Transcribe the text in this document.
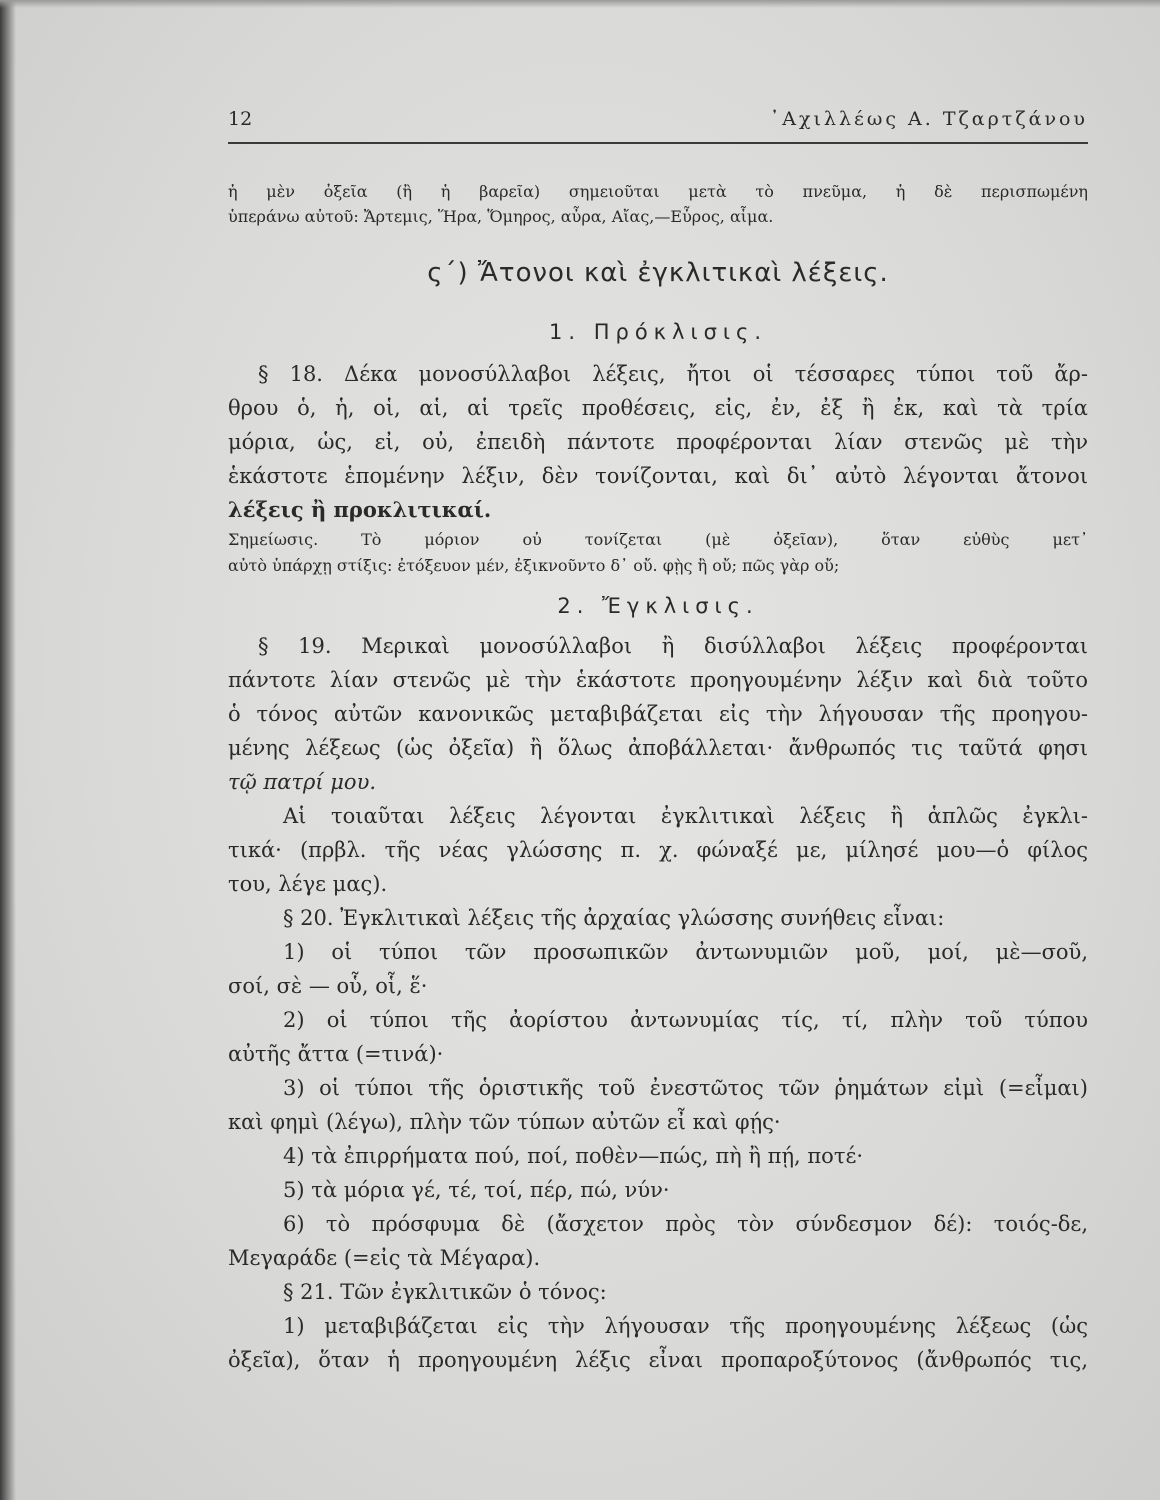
12	᾿Αχιλλέως Α. Τζαρτζάνου
ἡ μὲν ὀξεῖα (ἢ ἡ βαρεῖα) σημειοῦται μετὰ τὸ πνεῦμα, ἡ δὲ περισπωμένη
ὑπεράνω αὐτοῦ: Ἄρτεμις, Ἥρα, Ὅμηρος, αὖρα, Αἴας,—Εὖρος, αἷμα.
ς΄) Ἄτονοι καὶ ἐγκλιτικαὶ λέξεις.
1. Πρόκλισις.
§ 18. Δέκα μονοσύλλαβοι λέξεις, ἤτοι οἱ τέσσαρες τύποι τοῦ ἄρ-
θρου ὁ, ἡ, οἱ, αἱ, αἱ τρεῖς προθέσεις, εἰς, ἐν, ἐξ ἢ ἐκ, καὶ τὰ τρία
μόρια, ὡς, εἰ, οὐ, ἐπειδὴ πάντοτε προφέρονται λίαν στενῶς μὲ τὴν
ἑκάστοτε ἑπομένην λέξιν, δὲν τονίζονται, καὶ δι᾿ αὐτὸ λέγονται ἄτονοι
λέξεις ἢ προκλιτικαί.
Σημείωσις. Τὸ μόριον οὐ τονίζεται (μὲ ὀξεῖαν), ὅταν εὐθὺς μετ᾿
αὐτὸ ὑπάρχῃ στίξις: ἐτόξευον μέν, ἐξικνοῦντο δ᾿ οὔ. φῂς ἢ οὔ; πῶς γὰρ οὔ;
2. Ἔγκλισις.
§ 19. Μερικαὶ μονοσύλλαβοι ἢ δισύλλαβοι λέξεις προφέρονται
πάντοτε λίαν στενῶς μὲ τὴν ἑκάστοτε προηγουμένην λέξιν καὶ διὰ τοῦτο
ὁ τόνος αὐτῶν κανονικῶς μεταβιβάζεται εἰς τὴν λήγουσαν τῆς προηγου-
μένης λέξεως (ὡς ὀξεῖα) ἢ ὅλως ἀποβάλλεται· ἄνθρωπός τις ταῦτά φησι
τῷ πατρί μου.
Αἱ τοιαῦται λέξεις λέγονται ἐγκλιτικαὶ λέξεις ἢ ἁπλῶς ἐγκλι-
τικά· (πρβλ. τῆς νέας γλώσσης π. χ. φώναξέ με, μίλησέ μου—ὁ φίλος
του, λέγε μας).
§ 20. Ἐγκλιτικαὶ λέξεις τῆς ἀρχαίας γλώσσης συνήθεις εἶναι:
1) οἱ τύποι τῶν προσωπικῶν ἀντωνυμιῶν μοῦ, μοί, μὲ—σοῦ,
σοί, σὲ — οὗ, οἷ, ἕ·
2) οἱ τύποι τῆς ἀορίστου ἀντωνυμίας τίς, τί, πλὴν τοῦ τύπου
αὐτῆς ἄττα (=τινά)·
3) οἱ τύποι τῆς ὁριστικῆς τοῦ ἐνεστῶτος τῶν ῥημάτων εἰμὶ (=εἶμαι)
καὶ φημὶ (λέγω), πλὴν τῶν τύπων αὐτῶν εἶ καὶ φῄς·
4) τὰ ἐπιρρήματα πού, ποί, ποθὲν—πώς, πὴ ἢ πῄ, ποτέ·
5) τὰ μόρια γέ, τέ, τοί, πέρ, πώ, νύν·
6) τὸ πρόσφυμα δὲ (ἄσχετον πρὸς τὸν σύνδεσμον δέ): τοιός-δε,
Μεγαράδε (=εἰς τὰ Μέγαρα).
§ 21. Τῶν ἐγκλιτικῶν ὁ τόνος:
1) μεταβιβάζεται εἰς τὴν λήγουσαν τῆς προηγουμένης λέξεως (ὡς
ὀξεῖα), ὅταν ἡ προηγουμένη λέξις εἶναι προπαροξύτονος (ἄνθρωπός τις,
